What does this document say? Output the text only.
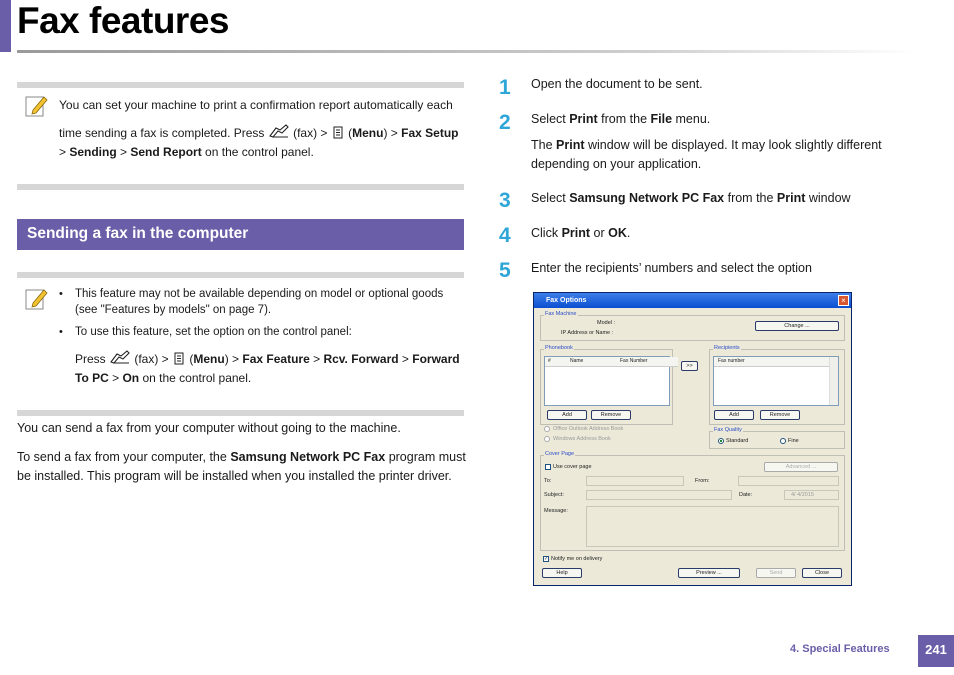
Fax features
You can set your machine to print a confirmation report automatically each
time sending a fax is completed. Press  (fax) >  (Menu) > Fax Setup
> Sending > Send Report on the control panel.
Sending a fax in the computer
• This feature may not be available depending on model or optional goods (see "Features by models" on page 7).
• To use this feature, set the option on the control panel:
Press  (fax) >  (Menu) > Fax Feature > Rcv. Forward > Forward
To PC > On on the control panel.
You can send a fax from your computer without going to the machine.
To send a fax from your computer, the Samsung Network PC Fax program must be installed. This program will be installed when you installed the printer driver.
1	Open the document to be sent.
2	Select Print from the File menu.
The Print window will be displayed. It may look slightly different depending on your application.
3	Select Samsung Network PC Fax from the Print window
4	Click Print or OK.
5	Enter the recipients’ numbers and select the option
Fax Options	×
Fax Machine
Model :
IP Address or Name :
Change ...
Phonebook
#	Name	Fax Number
Add	Remove
>>
Recipients
Fax number
Add	Remove
Office Outlook Address Book
Windows Address Book
Fax Quality
Standard	Fine
Cover Page
Use cover page	Advanced ...
To:	From:
Subject:	Date:	4/ 4/2015
Message:
✓ Notify me on delivery
Help	Preview ...	Send	Close
4. Special Features	241
